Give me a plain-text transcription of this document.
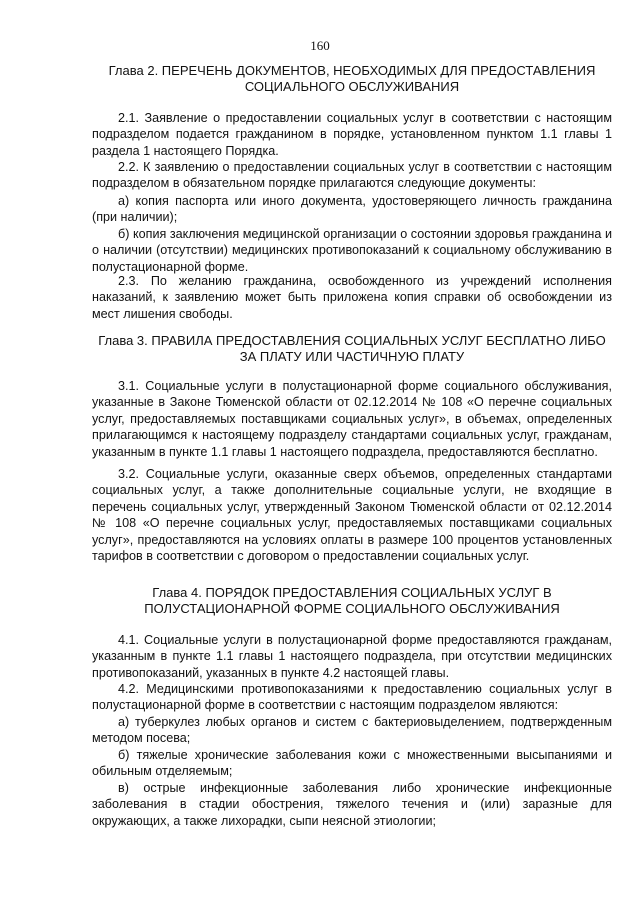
160
Глава 2. ПЕРЕЧЕНЬ ДОКУМЕНТОВ, НЕОБХОДИМЫХ ДЛЯ ПРЕДОСТАВЛЕНИЯ СОЦИАЛЬНОГО ОБСЛУЖИВАНИЯ

2.1. Заявление о предоставлении социальных услуг в соответствии с настоящим подразделом подается гражданином в порядке, установленном пунктом 1.1 главы 1 раздела 1 настоящего Порядка.

2.2. К заявлению о предоставлении социальных услуг в соответствии с настоящим подразделом в обязательном порядке прилагаются следующие документы:

а) копия паспорта или иного документа, удостоверяющего личность гражданина (при наличии);

б) копия заключения медицинской организации о состоянии здоровья гражданина и о наличии (отсутствии) медицинских противопоказаний к социальному обслуживанию в полустационарной форме.

2.3. По желанию гражданина, освобожденного из учреждений исполнения наказаний, к заявлению может быть приложена копия справки об освобождении из мест лишения свободы.

Глава 3. ПРАВИЛА ПРЕДОСТАВЛЕНИЯ СОЦИАЛЬНЫХ УСЛУГ БЕСПЛАТНО ЛИБО ЗА ПЛАТУ ИЛИ ЧАСТИЧНУЮ ПЛАТУ

3.1. Социальные услуги в полустационарной форме социального обслуживания, указанные в Законе Тюменской области от 02.12.2014 № 108 «О перечне социальных услуг, предоставляемых поставщиками социальных услуг», в объемах, определенных прилагающимся к настоящему подразделу стандартами социальных услуг, гражданам, указанным в пункте 1.1 главы 1 настоящего подраздела, предоставляются бесплатно.

3.2. Социальные услуги, оказанные сверх объемов, определенных стандартами социальных услуг, а также дополнительные социальные услуги, не входящие в перечень социальных услуг, утвержденный Законом Тюменской области от 02.12.2014 № 108 «О перечне социальных услуг, предоставляемых поставщиками социальных услуг», предоставляются на условиях оплаты в размере 100 процентов установленных тарифов в соответствии с договором о предоставлении социальных услуг.

Глава 4. ПОРЯДОК ПРЕДОСТАВЛЕНИЯ СОЦИАЛЬНЫХ УСЛУГ В ПОЛУСТАЦИОНАРНОЙ ФОРМЕ СОЦИАЛЬНОГО ОБСЛУЖИВАНИЯ

4.1. Социальные услуги в полустационарной форме предоставляются гражданам, указанным в пункте 1.1 главы 1 настоящего подраздела, при отсутствии медицинских противопоказаний, указанных в пункте 4.2 настоящей главы.

4.2. Медицинскими противопоказаниями к предоставлению социальных услуг в полустационарной форме в соответствии с настоящим подразделом являются:

а) туберкулез любых органов и систем с бактериовыделением, подтвержденным методом посева;

б) тяжелые хронические заболевания кожи с множественными высыпаниями и обильным отделяемым;

в) острые инфекционные заболевания либо хронические инфекционные заболевания в стадии обострения, тяжелого течения и (или) заразные для окружающих, а также лихорадки, сыпи неясной этиологии;
